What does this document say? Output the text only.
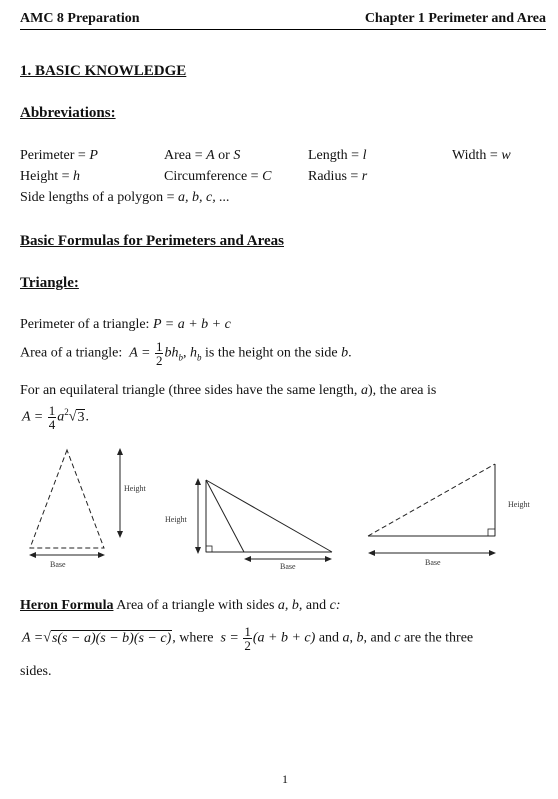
AMC 8 Preparation	Chapter 1 Perimeter and Area
1. BASIC KNOWLEDGE
Abbreviations:
Perimeter = P	Area = A or S	Length = l	Width = w
Height = h	Circumference = C	Radius = r
Side lengths of a polygon = a, b, c, ...
Basic Formulas for Perimeters and Areas
Triangle:
Perimeter of a triangle: P = a + b + c
Area of a triangle: $A = \frac{1}{2} bh_b$, $h_b$ is the height on the side b.
For an equilateral triangle (three sides have the same length, a), the area is
$A = \frac{1}{4} a^2√3$.
Height
Base
Height
Base
Height
Base
Heron Formula Area of a triangle with sides a, b, and c:
A =√s(s − a)(s − b)(s − c), where $s = \frac{1}{2} (a + b + c)$ and a, b, and c are the three
sides.
1
